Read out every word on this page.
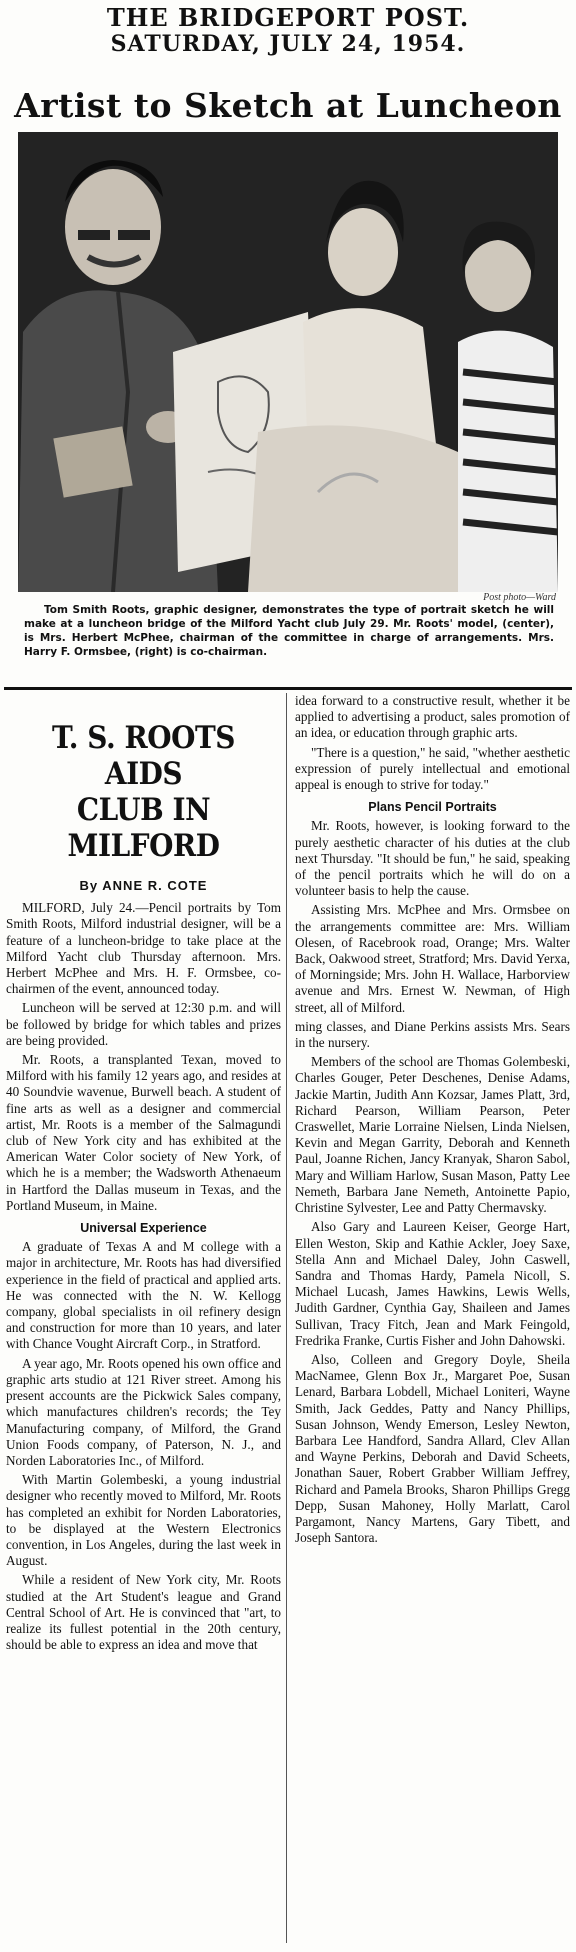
THE BRIDGEPORT POST.
SATURDAY, JULY 24, 1954.
Artist to Sketch at Luncheon
Post photo—Ward
Tom Smith Roots, graphic designer, demonstrates the type of portrait sketch he will make at a luncheon bridge of the Milford Yacht club July 29. Mr. Roots' model, (center), is Mrs. Herbert McPhee, chairman of the committee in charge of arrangements. Mrs. Harry F. Ormsbee, (right) is co-chairman.
T. S. ROOTS AIDS
CLUB IN MILFORD
By ANNE R. COTE

MILFORD, July 24.—Pencil portraits by Tom Smith Roots, Milford industrial designer, will be a feature of a luncheon-bridge to take place at the Milford Yacht club Thursday afternoon. Mrs. Herbert McPhee and Mrs. H. F. Ormsbee, co-chairmen of the event, announced today.

Luncheon will be served at 12:30 p.m. and will be followed by bridge for which tables and prizes are being provided.

Mr. Roots, a transplanted Texan, moved to Milford with his family 12 years ago, and resides at 40 Soundvie wavenue, Burwell beach. A student of fine arts as well as a designer and commercial artist, Mr. Roots is a member of the Salmagundi club of New York city and has exhibited at the American Water Color society of New York, of which he is a member; the Wadsworth Athenaeum in Hartford the Dallas museum in Texas, and the Portland Museum, in Maine.

Universal Experience

A graduate of Texas A and M college with a major in architecture, Mr. Roots has had diversified experience in the field of practical and applied arts. He was connected with the N. W. Kellogg company, global specialists in oil refinery design and construction for more than 10 years, and later with Chance Vought Aircraft Corp., in Stratford.

A year ago, Mr. Roots opened his own office and graphic arts studio at 121 River street. Among his present accounts are the Pickwick Sales company, which manufactures children's records; the Tey Manufacturing company, of Milford, the Grand Union Foods company, of Paterson, N. J., and Norden Laboratories Inc., of Milford.

With Martin Golembeski, a young industrial designer who recently moved to Milford, Mr. Roots has completed an exhibit for Norden Laboratories, to be displayed at the Western Electronics convention, in Los Angeles, during the last week in August.

While a resident of New York city, Mr. Roots studied at the Art Student's league and Grand Central School of Art. He is convinced that "art, to realize its fullest potential in the 20th century, should be able to express an idea and move that

idea forward to a constructive result, whether it be applied to advertising a product, sales promotion of an idea, or education through graphic arts.

"There is a question," he said, "whether aesthetic expression of purely intellectual and emotional appeal is enough to strive for today."

Plans Pencil Portraits

Mr. Roots, however, is looking forward to the purely aesthetic character of his duties at the club next Thursday. "It should be fun," he said, speaking of the pencil portraits which he will do on a volunteer basis to help the cause.

Assisting Mrs. McPhee and Mrs. Ormsbee on the arrangements committee are: Mrs. William Olesen, of Racebrook road, Orange; Mrs. Walter Back, Oakwood street, Stratford; Mrs. David Yerxa, of Morningside; Mrs. John H. Wallace, Harborview avenue and Mrs. Ernest W. Newman, of High street, all of Milford.

ming classes, and Diane Perkins assists Mrs. Sears in the nursery.

Members of the school are Thomas Golembeski, Charles Gouger, Peter Deschenes, Denise Adams, Jackie Martin, Judith Ann Kozsar, James Platt, 3rd, Richard Pearson, William Pearson, Peter Craswellet, Marie Lorraine Nielsen, Linda Nielsen, Kevin and Megan Garrity, Deborah and Kenneth Paul, Joanne Richen, Jancy Kranyak, Sharon Sabol, Mary and William Harlow, Susan Mason, Patty Lee Nemeth, Barbara Jane Nemeth, Antoinette Papio, Christine Sylvester, Lee and Patty Chermavsky.

Also Gary and Laureen Keiser, George Hart, Ellen Weston, Skip and Kathie Ackler, Joey Saxe, Stella Ann and Michael Daley, John Caswell, Sandra and Thomas Hardy, Pamela Nicoll, S. Michael Lucash, James Hawkins, Lewis Wells, Judith Gardner, Cynthia Gay, Shaileen and James Sullivan, Tracy Fitch, Jean and Mark Feingold, Fredrika Franke, Curtis Fisher and John Dahowski.

Also, Colleen and Gregory Doyle, Sheila MacNamee, Glenn Box Jr., Margaret Poe, Susan Lenard, Barbara Lobdell, Michael Loniteri, Wayne Smith, Jack Geddes, Patty and Nancy Phillips, Susan Johnson, Wendy Emerson, Lesley Newton, Barbara Lee Handford, Sandra Allard, Clev Allan and Wayne Perkins, Deborah and David Scheets, Jonathan Sauer, Robert Grabber William Jeffrey, Richard and Pamela Brooks, Sharon Phillips Gregg Depp, Susan Mahoney, Holly Marlatt, Carol Pargamont, Nancy Martens, Gary Tibett, and Joseph Santora.
